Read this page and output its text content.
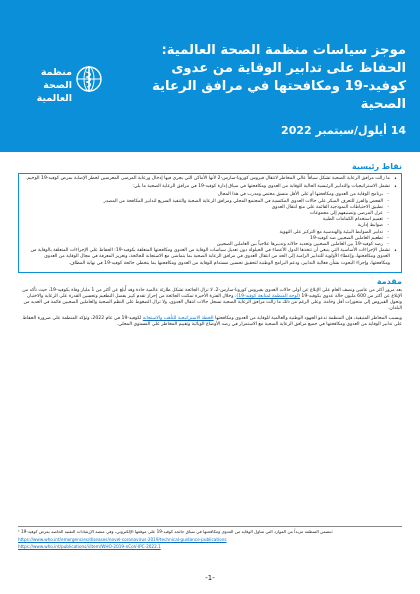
موجز سياسات منظمة الصحة العالمية: الحفاظ على تدابير الوقاية من عدوى كوفيد-19 ومكافحتها في مرافق الرعاية الصحية
14 أيلول/سبتمبر 2022
منظمة
الصحة العالمية
نقاط رئيسية

• ما زالت مرافق الرعاية الصحية تشكل سياقاً عالي المخاطر لانتقال فيروس كورونا-سارس-2 لأنها الأماكن التي يجري فيها إدخال ورعاية المرضى المعرضين لخطر الإصابة بمرض كوفيد-19 الوخيم.

• تشمل الاستراتيجيات والتدابير الرئيسية الحالية للوقاية من العدوى ومكافحتها في سياق إدارة كوفيد-19 في مرافق الرعاية الصحية ما يلي:

- برنامج الوقاية من العدوى ومكافحتها أو على الأقل منسق مختص ومدرب في هذا المجال

- الفحص والفرز للتعرف المبكر على حالات العدوى المكتسبة في المجتمع المحلي ومرافق الرعاية الصحية والتنفيذ السريع لتدابير المكافحة من المصدر

- تطبيق الاحتياطات النموذجية القائمة على منع انتقال العدوى

- عزل المرضى وتصنيفهم إلى مجموعات

- تعميم استخدام الكمامات الطبية

- ضوابط إدارية

- تدابير الضوابط البيئية والهندسية مع التركيز على التهوية

- تطعيم العاملين الصحيين ضد كوفيد-19

- رصد كوفيد-19 بين العاملين الصحيين وتحديد حالاته وتدبيرها علاجياً بين العاملين الصحيين

• تشمل الإجراءات الأساسية التي ينبغي أن تتخذها الدول الأعضاء في الحيلولة دون تعديل سياسات الوقاية من العدوى ومكافحتها المتعلقة بكوفيد-19: الحفاظ على الإجراءات المتعلقة بالوقاية من العدوى ومكافحتها، وإعطاء الأولوية للتدابير الرامية إلى الحد من انتقال العدوى في مرافق الرعاية الصحية بما يتماشى مع الاستجابة للجائحة، وتعزيز المعرفة في مجال الوقاية من العدوى ومكافحتها، وإجراء البحوث بشأن فعالية التدابير، ودعم البرامج الوطنية لتحقيق تحسين مستدام للوقاية من العدوى ومكافحتها بما يتخطى جائحة كوفيد-19 في نهاية المطاف.

مقدمة

بعد مرور أكثر من عامين ونصف العام على الإبلاغ عن أولى حالات العدوى بفيروس كورونا-سارس-2، لا تزال الجائحة تشكل طارئة عالمية حادة وقد أُبلغ عن أكثر من 1 مليار وفاة بكوفيد-19، حيث تأكد من الإبلاغ عن أكثر من 600 مليون حالة عدوى بكوفيد-19 (لوحة المنظمة لمتابعة كوفيد-19). وخلال الفترة الأخيرة تمكنت الجائحة من إحراز تقدم كبير بفضل التطعيم وتحسين القدرة على الرعاية والاختبار، وتحول الفيروس إلى متحورات أقل وخامة. وعلى الرغم من ذلك ما زالت مرافق الرعاية الصحية تسجل حالات انتقال العدوى، ولا تزال الضغوط على النظم الصحية والعاملين الصحيين قائمة في العديد من البلدان.

وبسبب المخاطر المتبقية، فإن المنظمة تدعو الجهود الوطنية والعالمية للوقاية من العدوى ومكافحتها الخطة الاستراتيجية للتأهب والاستجابة لكوفيد-19 في عام 2022، وتؤكد المنظمة على ضرورة الحفاظ على تدابير الوقاية من العدوى ومكافحتها في جميع مرافق الرعاية الصحية مع الاستمرار في رصد الأوضاع الوبائية وتقييم المخاطر على المستوى المحلي.

¹ تتضمن المنظمة مزيداً من الموارد التي تتناول الوقاية من العدوى ومكافحتها في سياق جائحة كوفيد-19 على موقعها الإلكتروني، وفي منصة الإرشادات التقنية الخاصة بمرض كوفيد-19:

https://www.who.int/emergencies/diseases/novel-coronavirus-2019/technical-guidance-publications

https://www.who.int/publications/i/item/WHO-2019-nCoV-IPC-2022.1

-1-
